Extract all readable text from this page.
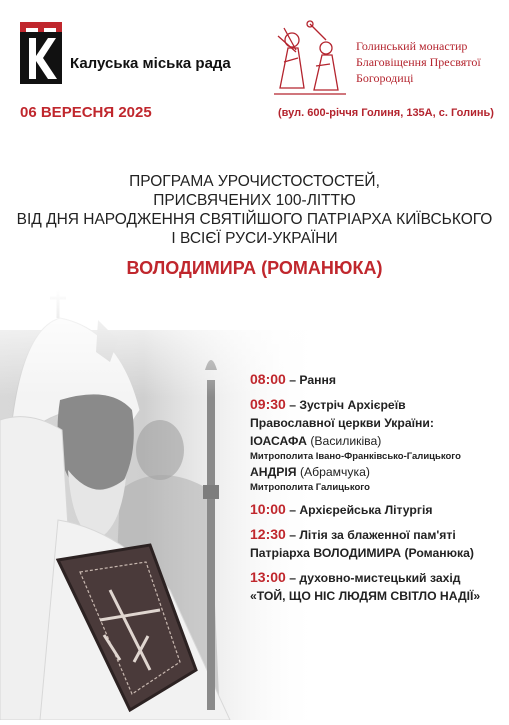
Калуська міська рада
Голинський монастир
Благовіщення Пресвятої
Богородиці
06 ВЕРЕСНЯ 2025	(вул. 600-річчя Голиня, 135А, с. Голинь)
ПРОГРАМА УРОЧИСТОСТОСТЕЙ,
ПРИСВЯЧЕНИХ 100-ЛІТТЮ
ВІД ДНЯ НАРОДЖЕННЯ СВЯТІЙШОГО ПАТРІАРХА КИЇВСЬКОГО
І ВСІЄЇ РУСИ-УКРАЇНИ
ВОЛОДИМИРА (РОМАНЮКА)
08:00 – Рання
09:30 – Зустріч Архієреїв
Православної церкви України:
ІОАСАФА (Василиківа)
Митрополита Івано-Франківсько-Галицького
АНДРІЯ (Абрамчука)
Митрополита Галицького
10:00 – Архієрейська Літургія
12:30 – Літія за блаженної пам'яті
Патріарха ВОЛОДИМИРА (Романюка)
13:00 – духовно-мистецький захід
«ТОЙ, ЩО НІС ЛЮДЯМ СВІТЛО НАДІЇ»
